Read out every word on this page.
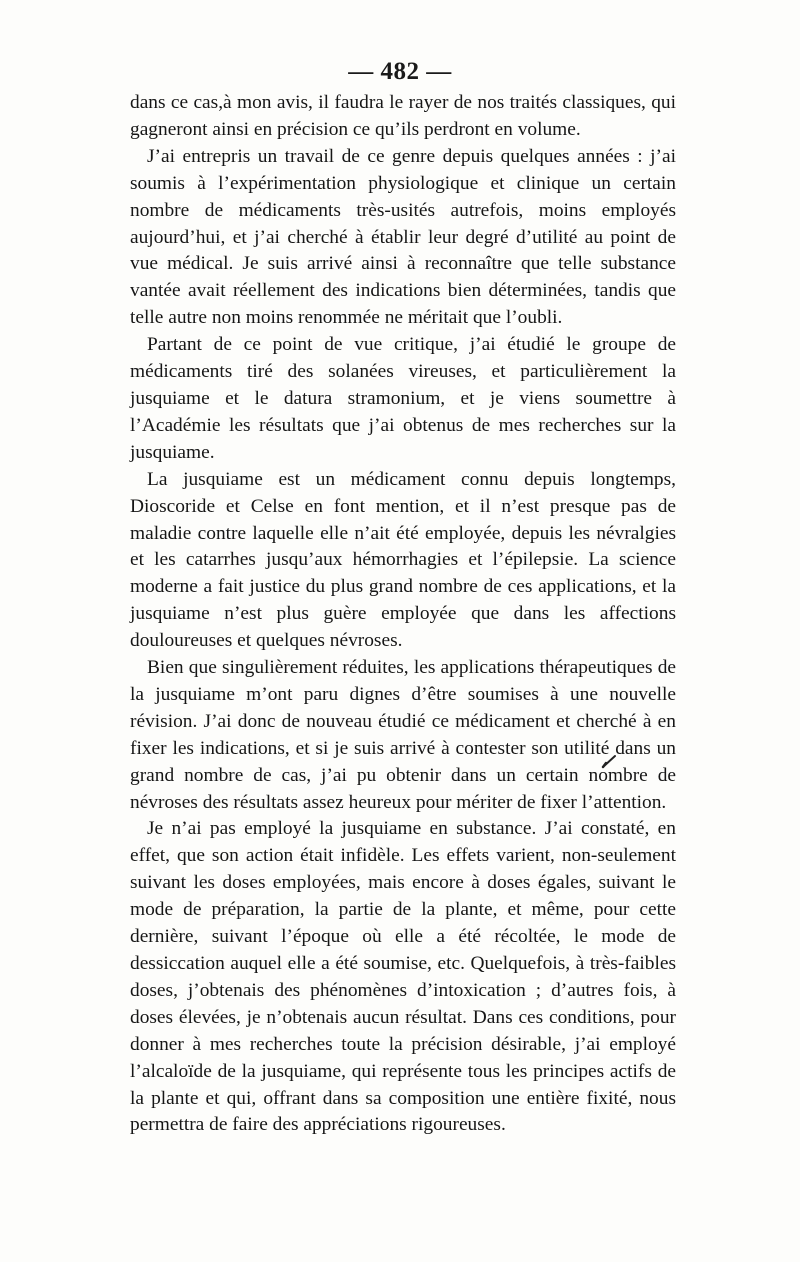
— 482 —

dans ce cas,à mon avis, il faudra le rayer de nos traités classiques, qui gagneront ainsi en précision ce qu’ils perdront en volume.

J’ai entrepris un travail de ce genre depuis quelques années : j’ai soumis à l’expérimentation physiologique et clinique un certain nombre de médicaments très-usités autrefois, moins employés aujourd’hui, et j’ai cherché à établir leur degré d’utilité au point de vue médical. Je suis arrivé ainsi à reconnaître que telle substance vantée avait réellement des indications bien déterminées, tandis que telle autre non moins renommée ne méritait que l’oubli.

Partant de ce point de vue critique, j’ai étudié le groupe de médicaments tiré des solanées vireuses, et particulièrement la jusquiame et le datura stramonium, et je viens soumettre à l’Académie les résultats que j’ai obtenus de mes recherches sur la jusquiame.

La jusquiame est un médicament connu depuis longtemps, Dioscoride et Celse en font mention, et il n’est presque pas de maladie contre laquelle elle n’ait été employée, depuis les névralgies et les catarrhes jusqu’aux hémorrhagies et l’épilepsie. La science moderne a fait justice du plus grand nombre de ces applications, et la jusquiame n’est plus guère employée que dans les affections douloureuses et quelques névroses.

Bien que singulièrement réduites, les applications thérapeutiques de la jusquiame m’ont paru dignes d’être soumises à une nouvelle révision. J’ai donc de nouveau étudié ce médicament et cherché à en fixer les indications, et si je suis arrivé à contester son utilité dans un grand nombre de cas, j’ai pu obtenir dans un certain nombre de névroses des résultats assez heureux pour mériter de fixer l’attention.

Je n’ai pas employé la jusquiame en substance. J’ai constaté, en effet, que son action était infidèle. Les effets varient, non-seulement suivant les doses employées, mais encore à doses égales, suivant le mode de préparation, la partie de la plante, et même, pour cette dernière, suivant l’époque où elle a été récoltée, le mode de dessiccation auquel elle a été soumise, etc. Quelquefois, à très-faibles doses, j’obtenais des phénomènes d’intoxication ; d’autres fois, à doses élevées, je n’obtenais aucun résultat. Dans ces conditions, pour donner à mes recherches toute la précision désirable, j’ai employé l’alcaloïde de la jusquiame, qui représente tous les principes actifs de la plante et qui, offrant dans sa composition une entière fixité, nous permettra de faire des appréciations rigoureuses.
